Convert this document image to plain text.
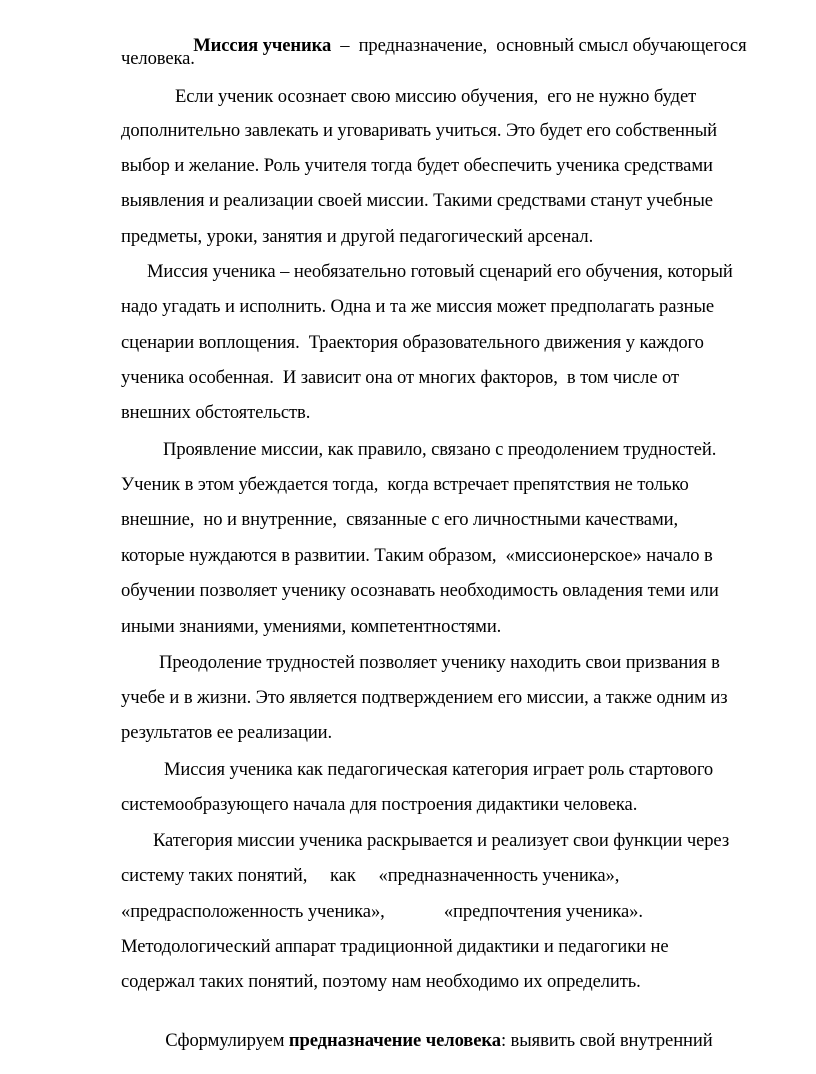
Миссия ученика  –  предназначение,  основный смысл обучающегося

человека.
Если ученик осознает свою миссию обучения,  его не нужно будет
дополнительно завлекать и уговаривать учиться. Это будет его собственный
выбор и желание. Роль учителя тогда будет обеспечить ученика средствами
выявления и реализации своей миссии. Такими средствами станут учебные
предметы, уроки, занятия и другой педагогический арсенал.
Миссия ученика – необязательно готовый сценарий его обучения, который
надо угадать и исполнить. Одна и та же миссия может предполагать разные
сценарии воплощения.  Траектория образовательного движения у каждого
ученика особенная.  И зависит она от многих факторов,  в том числе от
внешних обстоятельств.
Проявление миссии, как правило, связано с преодолением трудностей.
Ученик в этом убеждается тогда,  когда встречает препятствия не только
внешние,  но и внутренние,  связанные с его личностными качествами,
которые нуждаются в развитии. Таким образом,  «миссионерское» начало в
обучении позволяет ученику осознавать необходимость овладения теми или
иными знаниями, умениями, компетентностями.
Преодоление трудностей позволяет ученику находить свои призвания в
учебе и в жизни. Это является подтверждением его миссии, а также одним из
результатов ее реализации.
Миссия ученика как педагогическая категория играет роль стартового
системообразующего начала для построения дидактики человека.
Категория миссии ученика раскрывается и реализует свои функции через
систему таких понятий,     как     «предназначенность ученика»,
«предрасположенность ученика»,             «предпочтения ученика».
Методологический аппарат традиционной дидактики и педагогики не
содержал таких понятий, поэтому нам необходимо их определить.

Сформулируем предназначение человека: выявить свой внутренний
